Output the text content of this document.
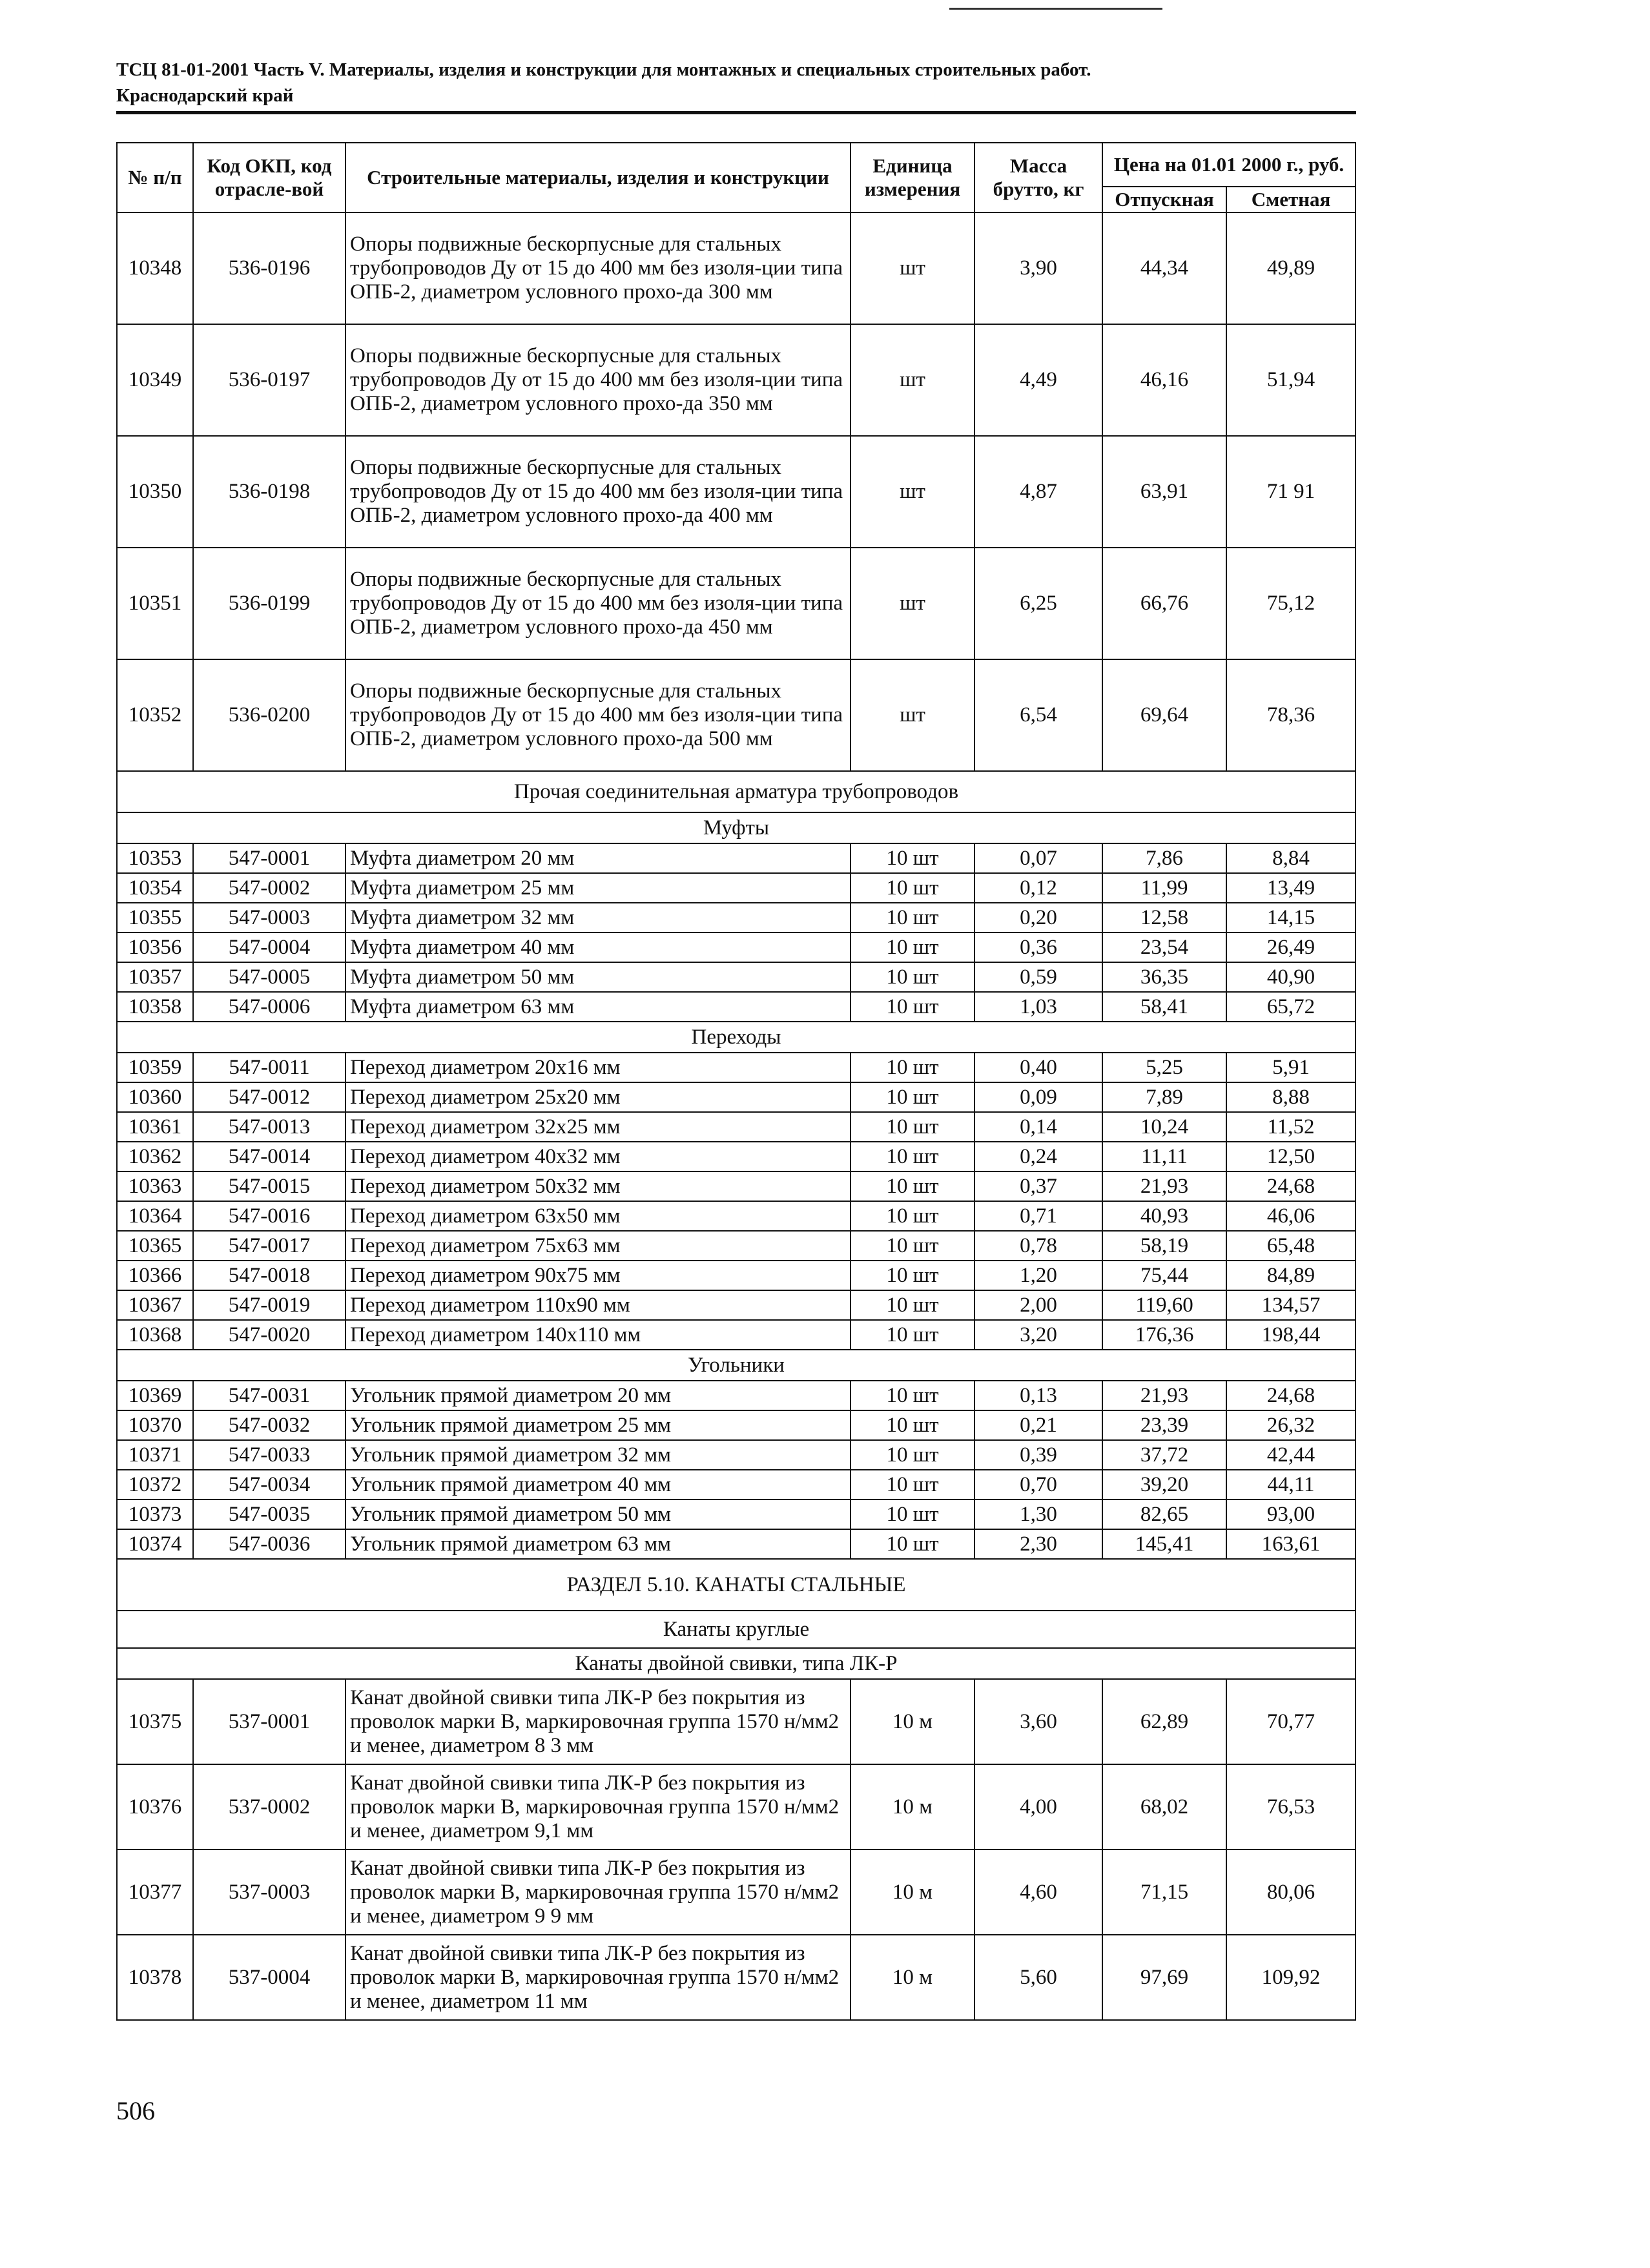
ТСЦ 81-01-2001 Часть V. Материалы, изделия и конструкции для монтажных и специальных строительных работ.
Краснодарский край
№ п/п	Код ОКП, код отрасле-вой	Строительные материалы, изделия и конструкции	Единица измерения	Масса брутто, кг	Цена на 01.01 2000 г., руб.	
					Отпускная	Сметная
10348	536-0196	Опоры подвижные бескорпусные для стальных трубопроводов Ду от 15 до 400 мм без изоля-ции типа ОПБ-2, диаметром условного прохо-да 300 мм	шт	3,90	44,34	49,89
10349	536-0197	Опоры подвижные бескорпусные для стальных трубопроводов Ду от 15 до 400 мм без изоля-ции типа ОПБ-2, диаметром условного прохо-да 350 мм	шт	4,49	46,16	51,94
10350	536-0198	Опоры подвижные бескорпусные для стальных трубопроводов Ду от 15 до 400 мм без изоля-ции типа ОПБ-2, диаметром условного прохо-да 400 мм	шт	4,87	63,91	71 91
10351	536-0199	Опоры подвижные бескорпусные для стальных трубопроводов Ду от 15 до 400 мм без изоля-ции типа ОПБ-2, диаметром условного прохо-да 450 мм	шт	6,25	66,76	75,12
10352	536-0200	Опоры подвижные бескорпусные для стальных трубопроводов Ду от 15 до 400 мм без изоля-ции типа ОПБ-2, диаметром условного прохо-да 500 мм	шт	6,54	69,64	78,36
Прочая соединительная арматура трубопроводов						
Муфты						
10353	547-0001	Муфта диаметром 20 мм	10 шт	0,07	7,86	8,84
10354	547-0002	Муфта диаметром 25 мм	10 шт	0,12	11,99	13,49
10355	547-0003	Муфта диаметром 32 мм	10 шт	0,20	12,58	14,15
10356	547-0004	Муфта диаметром 40 мм	10 шт	0,36	23,54	26,49
10357	547-0005	Муфта диаметром 50 мм	10 шт	0,59	36,35	40,90
10358	547-0006	Муфта диаметром 63 мм	10 шт	1,03	58,41	65,72
Переходы						
10359	547-0011	Переход диаметром 20х16 мм	10 шт	0,40	5,25	5,91
10360	547-0012	Переход диаметром 25х20 мм	10 шт	0,09	7,89	8,88
10361	547-0013	Переход диаметром 32х25 мм	10 шт	0,14	10,24	11,52
10362	547-0014	Переход диаметром 40х32 мм	10 шт	0,24	11,11	12,50
10363	547-0015	Переход диаметром 50х32 мм	10 шт	0,37	21,93	24,68
10364	547-0016	Переход диаметром 63х50 мм	10 шт	0,71	40,93	46,06
10365	547-0017	Переход диаметром 75х63 мм	10 шт	0,78	58,19	65,48
10366	547-0018	Переход диаметром 90х75 мм	10 шт	1,20	75,44	84,89
10367	547-0019	Переход диаметром 110х90 мм	10 шт	2,00	119,60	134,57
10368	547-0020	Переход диаметром 140х110 мм	10 шт	3,20	176,36	198,44
Угольники						
10369	547-0031	Угольник прямой диаметром 20 мм	10 шт	0,13	21,93	24,68
10370	547-0032	Угольник прямой диаметром 25 мм	10 шт	0,21	23,39	26,32
10371	547-0033	Угольник прямой диаметром 32 мм	10 шт	0,39	37,72	42,44
10372	547-0034	Угольник прямой диаметром 40 мм	10 шт	0,70	39,20	44,11
10373	547-0035	Угольник прямой диаметром 50 мм	10 шт	1,30	82,65	93,00
10374	547-0036	Угольник прямой диаметром 63 мм	10 шт	2,30	145,41	163,61
РАЗДЕЛ 5.10. КАНАТЫ СТАЛЬНЫЕ						
Канаты круглые						
Канаты двойной свивки, типа ЛК-Р						
10375	537-0001	Канат двойной свивки типа ЛК-Р без покрытия из проволок марки В, маркировочная группа 1570 н/мм2 и менее, диаметром 8 3 мм	10 м	3,60	62,89	70,77
10376	537-0002	Канат двойной свивки типа ЛК-Р без покрытия из проволок марки В, маркировочная группа 1570 н/мм2 и менее, диаметром 9,1 мм	10 м	4,00	68,02	76,53
10377	537-0003	Канат двойной свивки типа ЛК-Р без покрытия из проволок марки В, маркировочная группа 1570 н/мм2 и менее, диаметром 9 9 мм	10 м	4,60	71,15	80,06
10378	537-0004	Канат двойной свивки типа ЛК-Р без покрытия из проволок марки В, маркировочная группа 1570 н/мм2 и менее, диаметром 11 мм	10 м	5,60	97,69	109,92
506
